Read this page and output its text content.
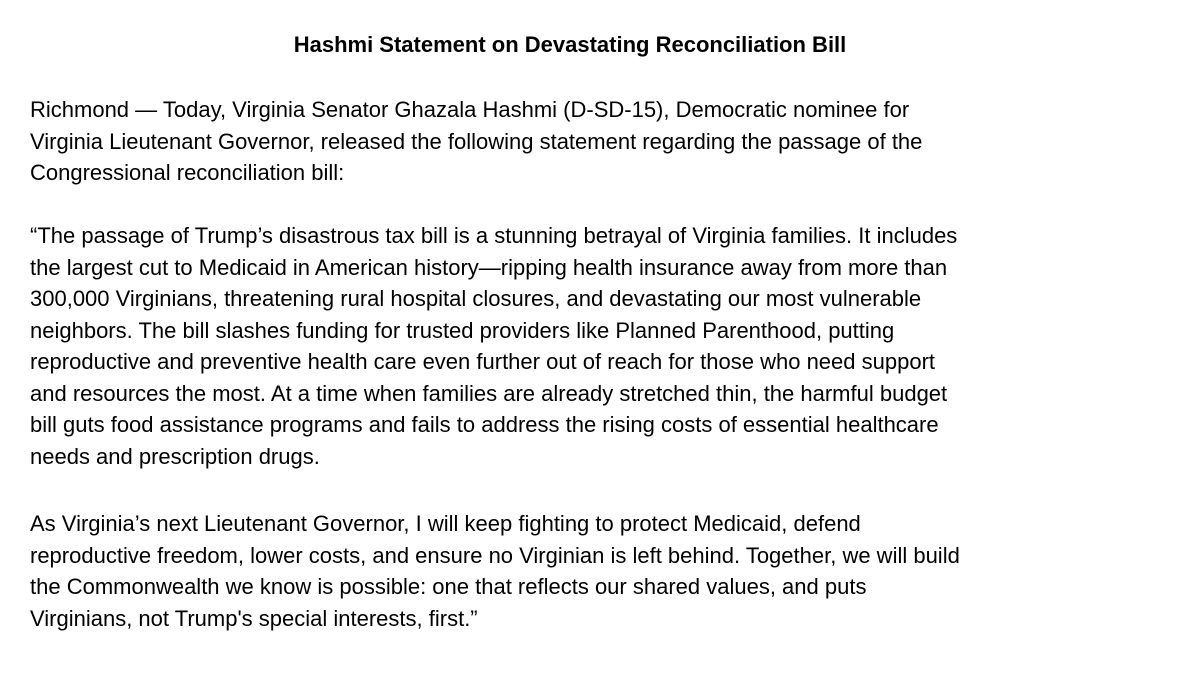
Hashmi Statement on Devastating Reconciliation Bill

Richmond — Today, Virginia Senator Ghazala Hashmi (D-SD-15), Democratic nominee for
Virginia Lieutenant Governor, released the following statement regarding the passage of the
Congressional reconciliation bill:

“The passage of Trump’s disastrous tax bill is a stunning betrayal of Virginia families. It includes
the largest cut to Medicaid in American history—ripping health insurance away from more than
300,000 Virginians, threatening rural hospital closures, and devastating our most vulnerable
neighbors. The bill slashes funding for trusted providers like Planned Parenthood, putting
reproductive and preventive health care even further out of reach for those who need support
and resources the most. At a time when families are already stretched thin, the harmful budget
bill guts food assistance programs and fails to address the rising costs of essential healthcare
needs and prescription drugs.

As Virginia’s next Lieutenant Governor, I will keep fighting to protect Medicaid, defend
reproductive freedom, lower costs, and ensure no Virginian is left behind. Together, we will build
the Commonwealth we know is possible: one that reflects our shared values, and puts
Virginians, not Trump's special interests, first.”
